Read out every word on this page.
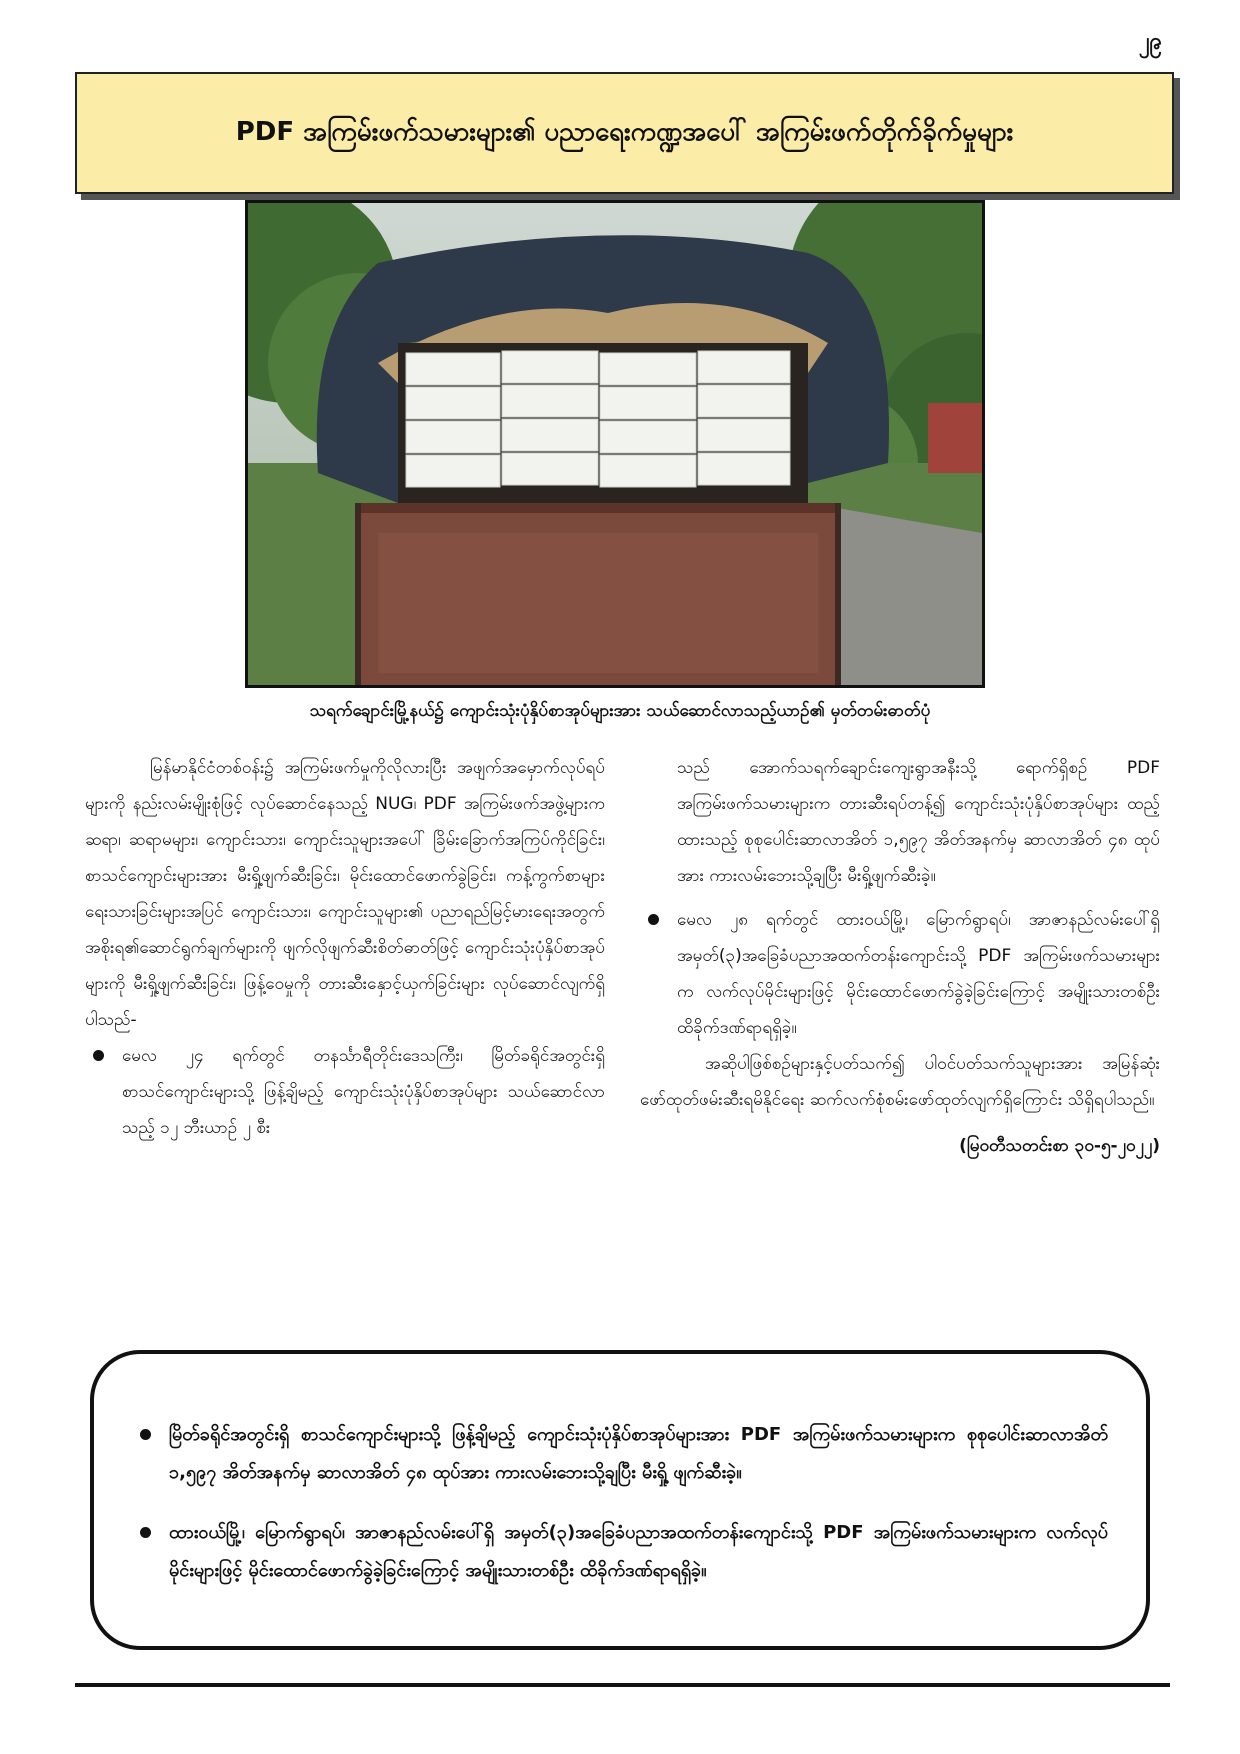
၂၉
PDF အကြမ်းဖက်သမားများ၏ ပညာရေးကဏ္ဍအပေါ် အကြမ်းဖက်တိုက်ခိုက်မှုများ
သရက်ချောင်းမြို့နယ်၌ ကျောင်းသုံးပုံနှိပ်စာအုပ်များအား သယ်ဆောင်လာသည့်ယာဉ်၏ မှတ်တမ်းဓာတ်ပုံ

မြန်မာနိုင်ငံတစ်ဝန်း၌ အကြမ်းဖက်မှုကိုလိုလားပြီး အဖျက်အမှောက်လုပ်ရပ်များကို နည်းလမ်းမျိုးစုံဖြင့် လုပ်ဆောင်နေသည့် NUG၊ PDF အကြမ်းဖက်အဖွဲ့များက ဆရာ၊ ဆရာမများ၊ ကျောင်းသား၊ ကျောင်းသူများအပေါ် ခြိမ်းခြောက်အကြပ်ကိုင်ခြင်း၊ စာသင်ကျောင်းများအား မီးရှို့ဖျက်ဆီးခြင်း၊ မိုင်းထောင်ဖောက်ခွဲခြင်း၊ ကန့်ကွက်စာများ ရေးသားခြင်းများအပြင် ကျောင်းသား၊ ကျောင်းသူများ၏ ပညာရည်မြင့်မားရေးအတွက် အစိုးရ၏ဆောင်ရွက်ချက်များကို ဖျက်လိုဖျက်ဆီးစိတ်ဓာတ်ဖြင့် ကျောင်းသုံးပုံနှိပ်စာအုပ်များကို မီးရှို့ဖျက်ဆီးခြင်း၊ ဖြန့်ဝေမှုကို တားဆီးနှောင့်ယှက်ခြင်းများ လုပ်ဆောင်လျက်ရှိပါသည်-

မေလ ၂၄ ရက်တွင် တနင်္သာရီတိုင်းဒေသကြီး၊ မြိတ်ခရိုင်အတွင်းရှိ စာသင်ကျောင်းများသို့ ဖြန့်ချိမည့် ကျောင်းသုံးပုံနှိပ်စာအုပ်များ သယ်ဆောင်လာသည့် ၁၂ ဘီးယာဉ် ၂ စီး

သည် အောက်သရက်ချောင်းကျေးရွာအနီးသို့ ရောက်ရှိစဉ် PDF အကြမ်းဖက်သမားများက တားဆီးရပ်တန့်၍ ကျောင်းသုံးပုံနှိပ်စာအုပ်များ ထည့်ထားသည့် စုစုပေါင်းဆာလာအိတ် ၁,၅၉၇ အိတ်အနက်မှ ဆာလာအိတ် ၄၈ ထုပ်အား ကားလမ်းဘေးသို့ချပြီး မီးရှို့ဖျက်ဆီးခဲ့။

မေလ ၂၈ ရက်တွင် ထားဝယ်မြို့၊ မြောက်ရွာရပ်၊ အာဇာနည်လမ်းပေါ်ရှိ အမှတ်(၃)အခြေခံပညာအထက်တန်းကျောင်းသို့ PDF အကြမ်းဖက်သမားများက လက်လုပ်မိုင်းများဖြင့် မိုင်းထောင်ဖောက်ခွဲခဲ့ခြင်းကြောင့် အမျိုးသားတစ်ဦး ထိခိုက်ဒဏ်ရာရရှိခဲ့။

အဆိုပါဖြစ်စဉ်များနှင့်ပတ်သက်၍ ပါဝင်ပတ်သက်သူများအား အမြန်ဆုံးဖော်ထုတ်ဖမ်းဆီးရမိနိုင်ရေး ဆက်လက်စုံစမ်းဖော်ထုတ်လျက်ရှိကြောင်း သိရှိရပါသည်။

(မြဝတီသတင်းစာ ၃၀-၅-၂၀၂၂)

မြိတ်ခရိုင်အတွင်းရှိ စာသင်ကျောင်းများသို့ ဖြန့်ချိမည့် ကျောင်းသုံးပုံနှိပ်စာအုပ်များအား PDF အကြမ်းဖက်သမားများက စုစုပေါင်းဆာလာအိတ် ၁,၅၉၇ အိတ်အနက်မှ ဆာလာအိတ် ၄၈ ထုပ်အား ကားလမ်းဘေးသို့ချပြီး မီးရှို့ ဖျက်ဆီးခဲ့။

ထားဝယ်မြို့၊ မြောက်ရွာရပ်၊ အာဇာနည်လမ်းပေါ်ရှိ အမှတ်(၃)အခြေခံပညာအထက်တန်းကျောင်းသို့ PDF အကြမ်းဖက်သမားများက လက်လုပ်မိုင်းများဖြင့် မိုင်းထောင်ဖောက်ခွဲခဲ့ခြင်းကြောင့် အမျိုးသားတစ်ဦး ထိခိုက်ဒဏ်ရာရရှိခဲ့။
